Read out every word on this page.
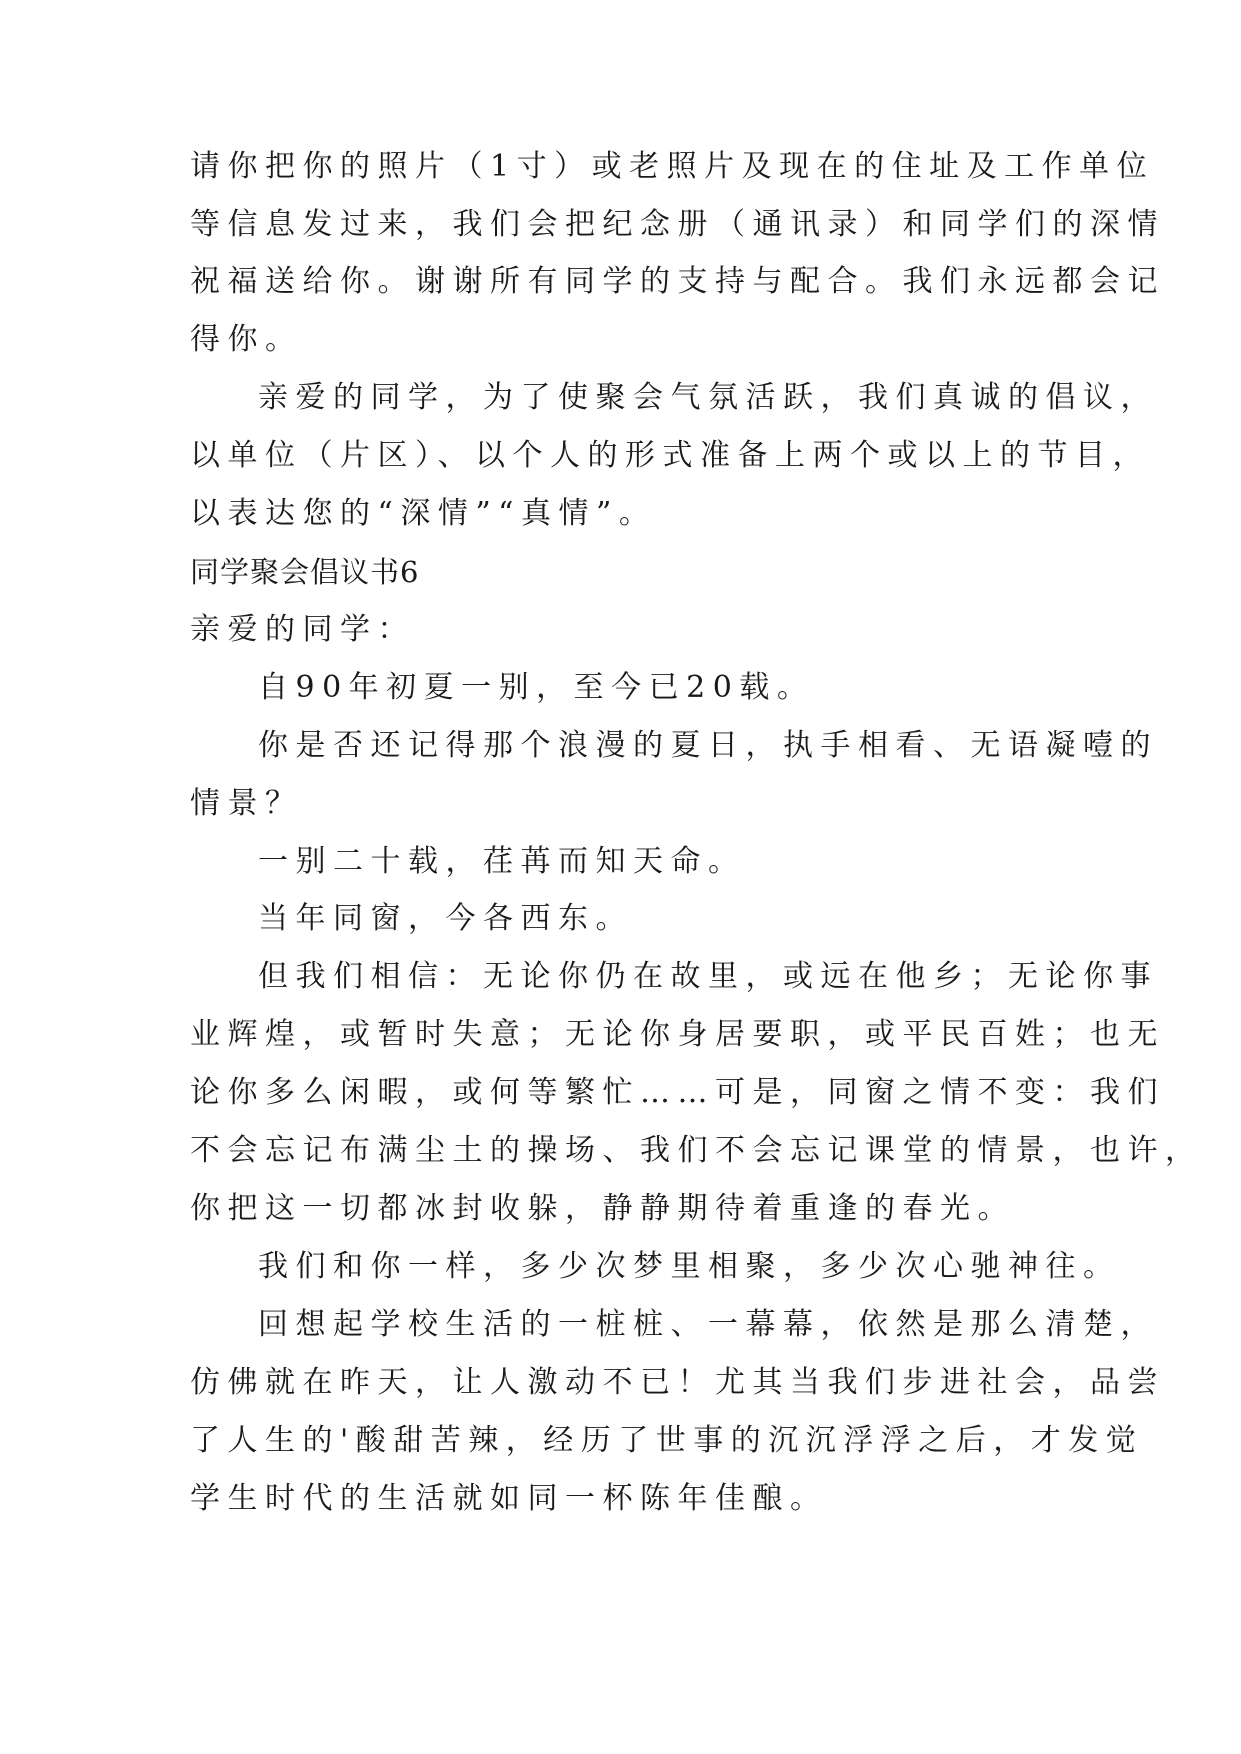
请你把你的照片（1寸）或老照片及现在的住址及工作单位
等信息发过来，我们会把纪念册（通讯录）和同学们的深情
祝福送给你。谢谢所有同学的支持与配合。我们永远都会记
得你。
亲爱的同学，为了使聚会气氛活跃，我们真诚的倡议，
以单位（片区）、以个人的形式准备上两个或以上的节目，
以表达您的“深情”“真情”。
同学聚会倡议书6
亲爱的同学：
自90年初夏一别，至今已20载。
你是否还记得那个浪漫的夏日，执手相看、无语凝噎的
情景？
一别二十载，荏苒而知天命。
当年同窗，今各西东。
但我们相信：无论你仍在故里，或远在他乡；无论你事
业辉煌，或暂时失意；无论你身居要职，或平民百姓；也无
论你多么闲暇，或何等繁忙……可是，同窗之情不变：我们
不会忘记布满尘土的操场、我们不会忘记课堂的情景，也许，
你把这一切都冰封收躲，静静期待着重逢的春光。
我们和你一样，多少次梦里相聚，多少次心驰神往。
回想起学校生活的一桩桩、一幕幕，依然是那么清楚，
仿佛就在昨天，让人激动不已！尤其当我们步进社会，品尝
了人生的'酸甜苦辣，经历了世事的沉沉浮浮之后，才发觉
学生时代的生活就如同一杯陈年佳酿。
